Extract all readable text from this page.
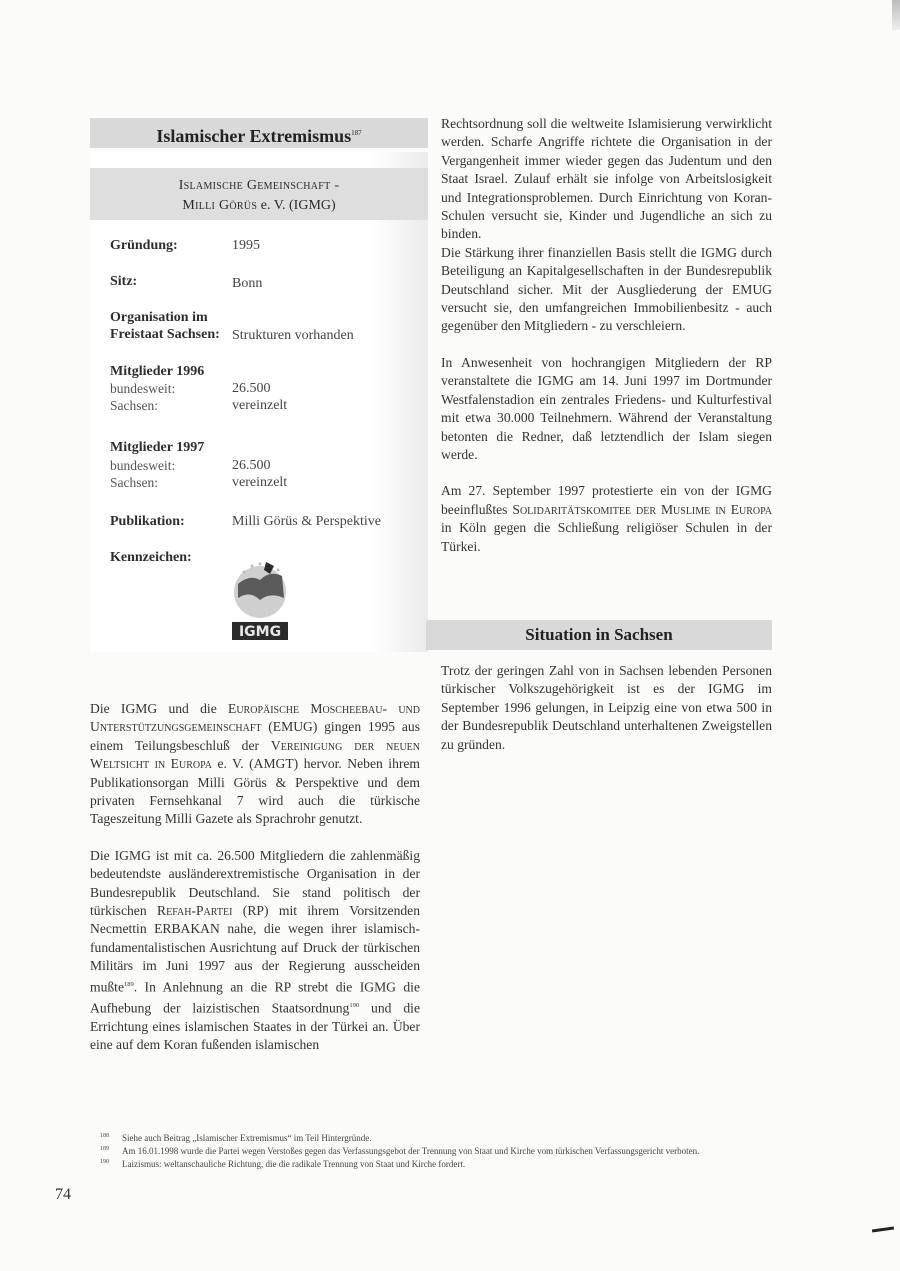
Islamischer Extremismus$^{187}$
Islamische Gemeinschaft -
Milli Görüs e. V. (IGMG)
Gründung:	1995
Sitz:	Bonn
Organisation im
Freistaat Sachsen: Strukturen vorhanden
Mitglieder 1996
bundesweit:	26.500
Sachsen:	vereinzelt
Mitglieder 1997
bundesweit:	26.500
Sachsen:	vereinzelt
Publikation:	Milli Görüs & Perspektive
Kennzeichen:
IGMG

Rechtsordnung soll die weltweite Islamisierung verwirklicht werden. Scharfe Angriffe richtete die Organisation in der Vergangenheit immer wieder gegen das Judentum und den Staat Israel. Zulauf erhält sie infolge von Arbeitslosigkeit und Integrationsproblemen. Durch Einrichtung von Koran-Schulen versucht sie, Kinder und Jugendliche an sich zu binden.

Die Stärkung ihrer finanziellen Basis stellt die IGMG durch Beteiligung an Kapitalgesellschaften in der Bundesrepublik Deutschland sicher. Mit der Ausgliederung der EMUG versucht sie, den umfangreichen Immobilienbesitz - auch gegenüber den Mitgliedern - zu verschleiern.

In Anwesenheit von hochrangigen Mitgliedern der RP veranstaltete die IGMG am 14. Juni 1997 im Dortmunder Westfalenstadion ein zentrales Friedens- und Kulturfestival mit etwa 30.000 Teilnehmern. Während der Veranstaltung betonten die Redner, daß letztendlich der Islam siegen werde.

Am 27. September 1997 protestierte ein von der IGMG beeinflußtes Solidaritätskomitee der Muslime in Europa in Köln gegen die Schließung religiöser Schulen in der Türkei.

Situation in Sachsen

Trotz der geringen Zahl von in Sachsen lebenden Personen türkischer Volkszugehörigkeit ist es der IGMG im September 1996 gelungen, in Leipzig eine von etwa 500 in der Bundesrepublik Deutschland unterhaltenen Zweigstellen zu gründen.

Die IGMG und die Europäische Moscheebau- und Unterstützungsgemeinschaft (EMUG) gingen 1995 aus einem Teilungsbeschluß der Vereinigung der neuen Weltsicht in Europa e. V. (AMGT) hervor. Neben ihrem Publikationsorgan Milli Görüs & Perspektive und dem privaten Fernsehkanal 7 wird auch die türkische Tageszeitung Milli Gazete als Sprachrohr genutzt.

Die IGMG ist mit ca. 26.500 Mitgliedern die zahlenmäßig bedeutendste ausländerextremistische Organisation in der Bundesrepublik Deutschland. Sie stand politisch der türkischen Refah-Partei (RP) mit ihrem Vorsitzenden Necmettin ERBAKAN nahe, die wegen ihrer islamisch-fundamentalistischen Ausrichtung auf Druck der türkischen Militärs im Juni 1997 aus der Regierung ausscheiden mußte$^{189}$. In Anlehnung an die RP strebt die IGMG die Aufhebung der laizistischen Staatsordnung$^{190}$ und die Errichtung eines islamischen Staates in der Türkei an. Über eine auf dem Koran fußenden islamischen

188 Siehe auch Beitrag „Islamischer Extremismus“ im Teil Hintergründe.
189 Am 16.01.1998 wurde die Partei wegen Verstoßes gegen das Verfassungsgebot der Trennung von Staat und Kirche vom türkischen Verfassungsgericht verboten.
190 Laizismus: weltanschauliche Richtung, die die radikale Trennung von Staat und Kirche fordert.
74
